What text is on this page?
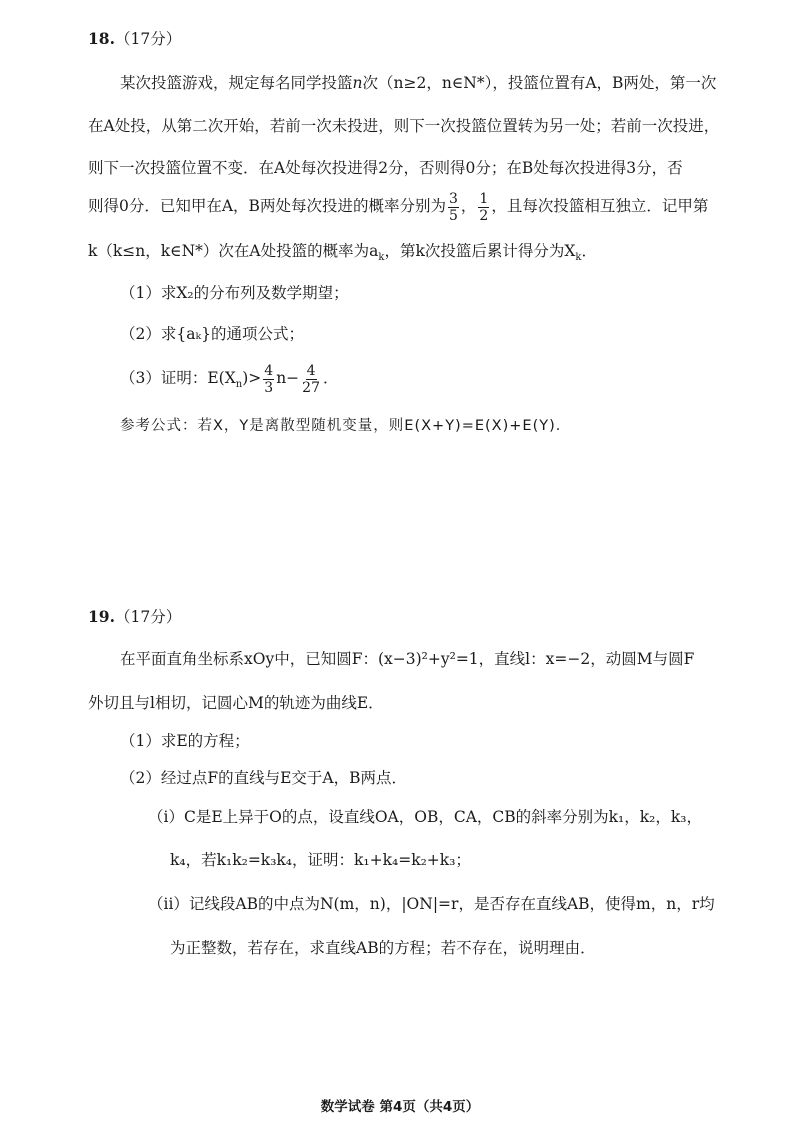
18.（17分）
某次投篮游戏，规定每名同学投篮n次（n≥2，n∈N*），投篮位置有A，B两处，第一次
在A处投，从第二次开始，若前一次未投进，则下一次投篮位置转为另一处；若前一次投进，
则下一次投篮位置不变．在A处每次投进得2分，否则得0分；在B处每次投进得3分，否
则得0分．已知甲在A，B两处每次投进的概率分别为 $\frac{3}{5}$ ， $\frac{1}{2}$ ，且每次投篮相互独立．记甲第
k（k≤n，k∈N*）次在A处投篮的概率为$a_k$，第k次投篮后累计得分为$X_k$．
（1）求X₂的分布列及数学期望；
（2）求{aₖ}的通项公式；
（3）证明：$E(X_n)> \frac{4}{3} n- \frac{4}{27}$ ．
参考公式：若X，Y是离散型随机变量，则E(X+Y)=E(X)+E(Y)．
19.（17分）
在平面直角坐标系xOy中，已知圆F：(x−3)²+y²=1，直线l：x=−2，动圆M与圆F
外切且与l相切，记圆心M的轨迹为曲线E．
（1）求E的方程；
（2）经过点F的直线与E交于A，B两点．
（i）C是E上异于O的点，设直线OA，OB，CA，CB的斜率分别为k₁，k₂，k₃，
k₄，若k₁k₂=k₃k₄，证明：k₁+k₄=k₂+k₃；
（ii）记线段AB的中点为N(m，n)，|ON|=r，是否存在直线AB，使得m，n，r均
为正整数，若存在，求直线AB的方程；若不存在，说明理由．
数学试卷 第4页（共4页）
